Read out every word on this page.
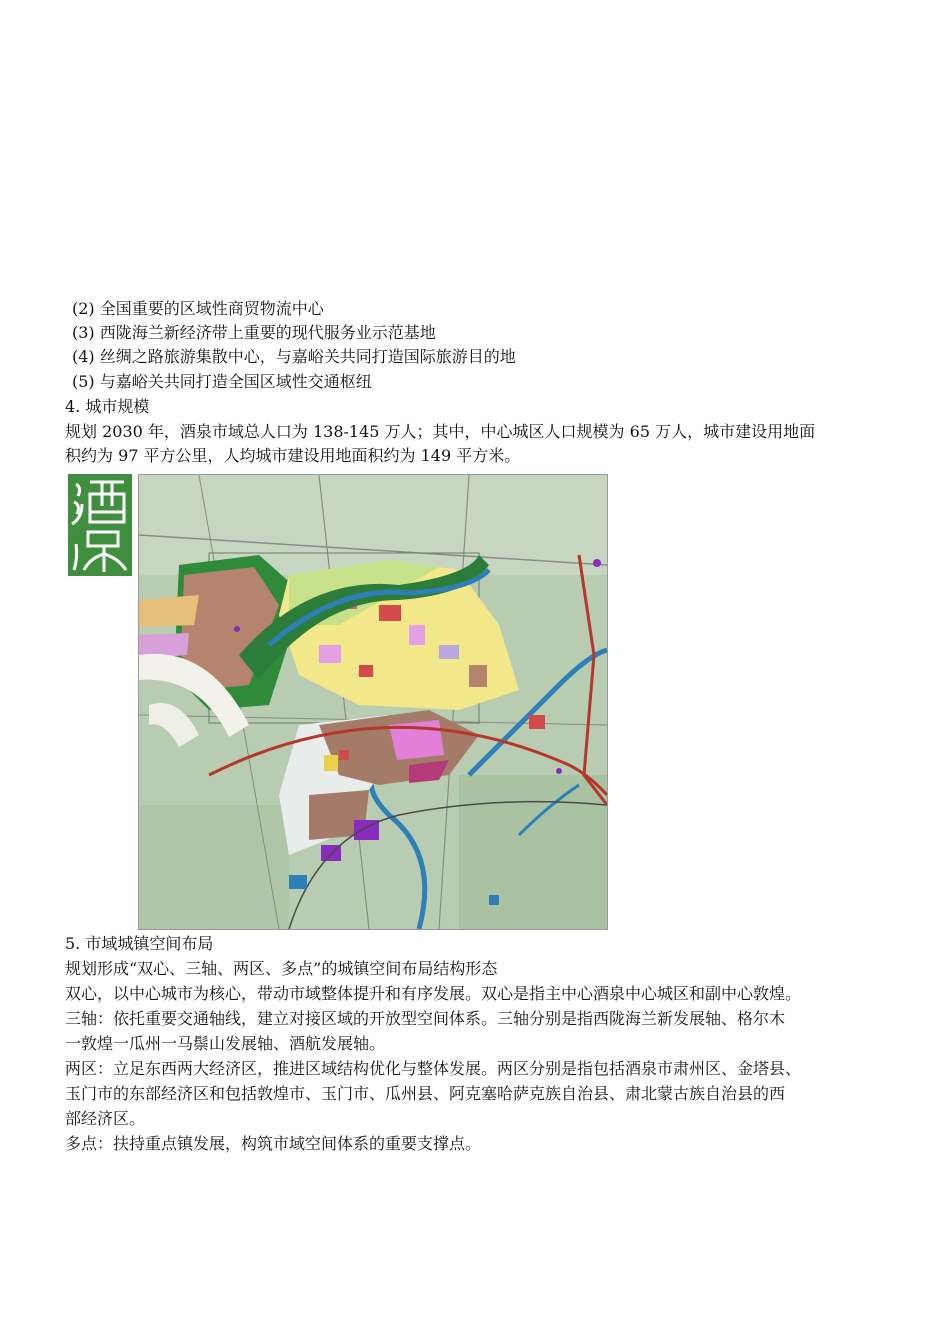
(2) 全国重要的区域性商贸物流中心
(3) 西陇海兰新经济带上重要的现代服务业示范基地
(4) 丝绸之路旅游集散中心，与嘉峪关共同打造国际旅游目的地
(5) 与嘉峪关共同打造全国区域性交通枢纽
4. 城市规模
规划 2030 年，酒泉市域总人口为 138-145 万人；其中，中心城区人口规模为 65 万人，城市建设用地面
积约为 97 平方公里，人均城市建设用地面积约为 149 平方米。
5. 市域城镇空间布局
规划形成“双心、三轴、两区、多点”的城镇空间布局结构形态
双心，以中心城市为核心，带动市域整体提升和有序发展。双心是指主中心酒泉中心城区和副中心敦煌。
三轴：依托重要交通轴线，建立对接区域的开放型空间体系。三轴分别是指西陇海兰新发展轴、格尔木
一敦煌一瓜州一马鬃山发展轴、酒航发展轴。
两区：立足东西两大经济区，推进区域结构优化与整体发展。两区分别是指包括酒泉市肃州区、金塔县、
玉门市的东部经济区和包括敦煌市、玉门市、瓜州县、阿克塞哈萨克族自治县、肃北蒙古族自治县的西
部经济区。
多点：扶持重点镇发展，构筑市域空间体系的重要支撑点。
